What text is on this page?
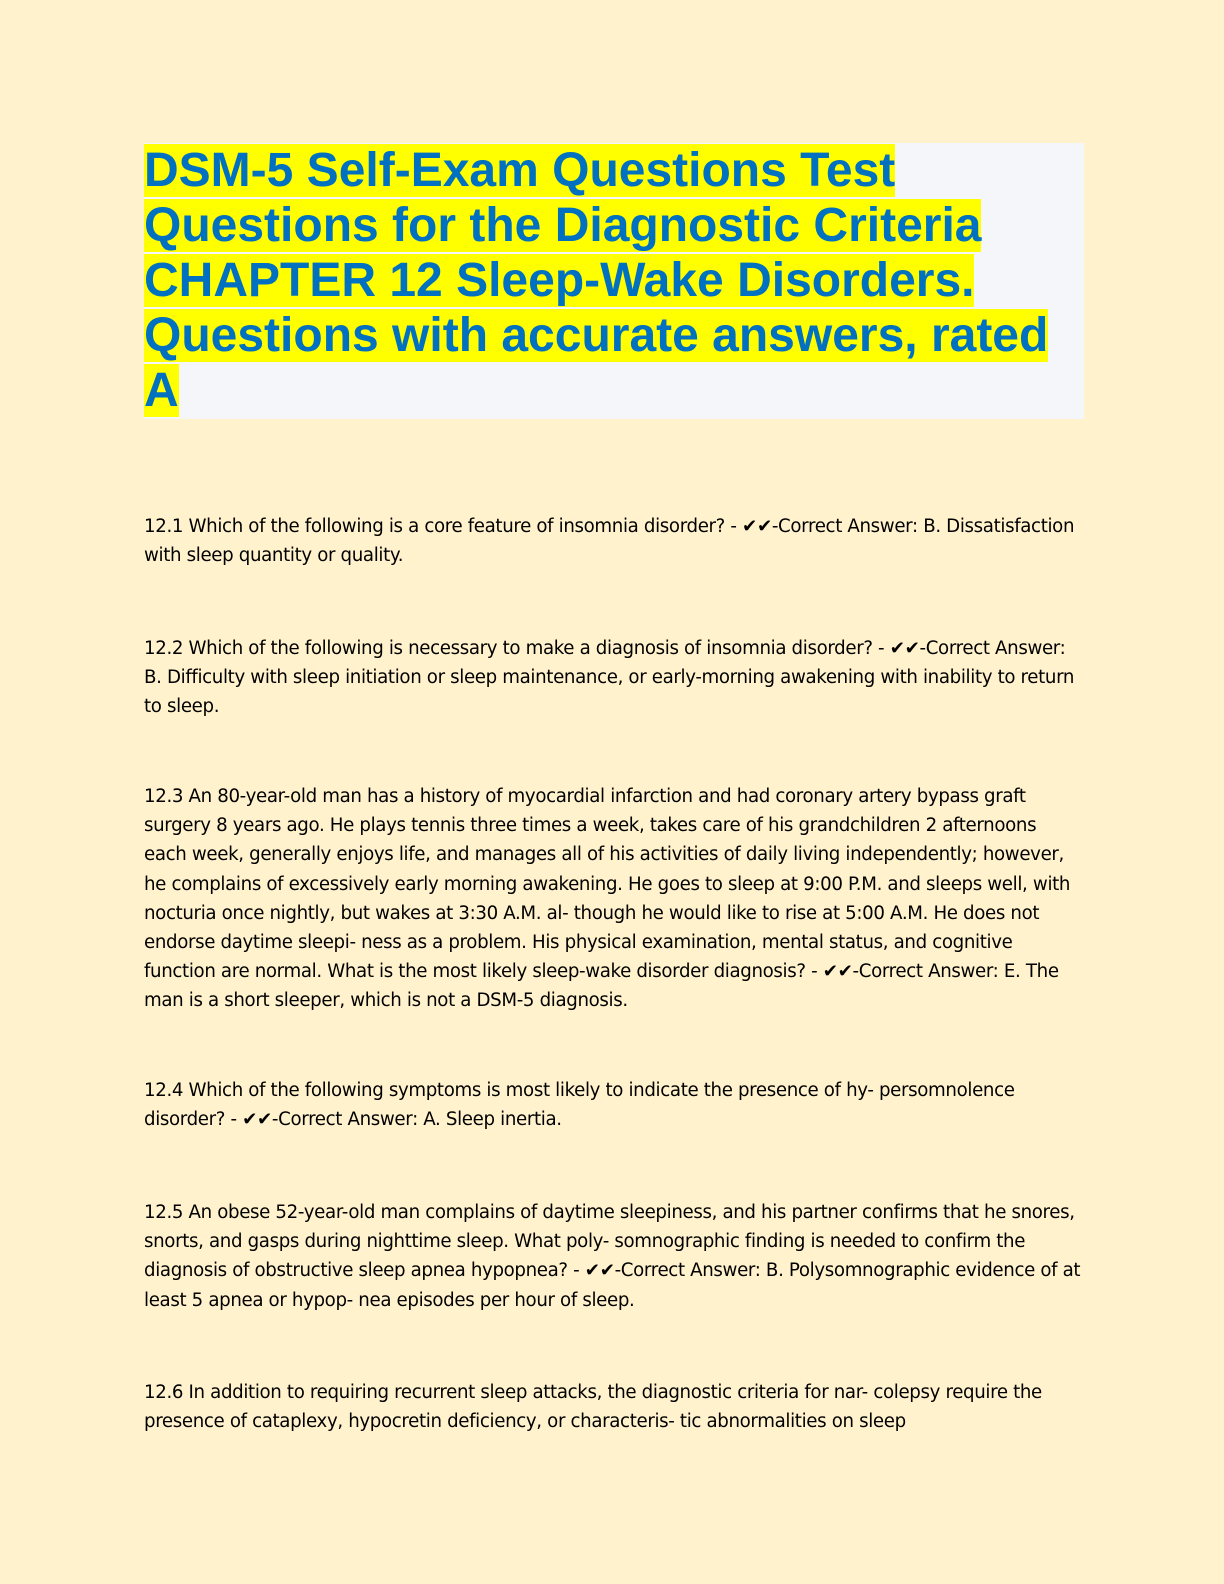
DSM-5 Self-Exam Questions Test Questions for the Diagnostic Criteria CHAPTER 12 Sleep-Wake Disorders. Questions with accurate answers, rated A

12.1 Which of the following is a core feature of insomnia disorder? - ✔✔-Correct Answer: B. Dissatisfaction with sleep quantity or quality.

12.2 Which of the following is necessary to make a diagnosis of insomnia disorder? - ✔✔-Correct Answer: B. Difficulty with sleep initiation or sleep maintenance, or early-morning awakening with inability to return to sleep.

12.3 An 80-year-old man has a history of myocardial infarction and had coronary artery bypass graft surgery 8 years ago. He plays tennis three times a week, takes care of his grandchildren 2 afternoons each week, generally enjoys life, and manages all of his activities of daily living independently; however, he complains of excessively early morning awakening. He goes to sleep at 9:00 P.M. and sleeps well, with nocturia once nightly, but wakes at 3:30 A.M. al- though he would like to rise at 5:00 A.M. He does not endorse daytime sleepi- ness as a problem. His physical examination, mental status, and cognitive function are normal. What is the most likely sleep-wake disorder diagnosis? - ✔✔-Correct Answer: E. The man is a short sleeper, which is not a DSM-5 diagnosis.

12.4 Which of the following symptoms is most likely to indicate the presence of hy- persomnolence disorder? - ✔✔-Correct Answer: A. Sleep inertia.

12.5 An obese 52-year-old man complains of daytime sleepiness, and his partner confirms that he snores, snorts, and gasps during nighttime sleep. What poly- somnographic finding is needed to confirm the diagnosis of obstructive sleep apnea hypopnea? - ✔✔-Correct Answer: B. Polysomnographic evidence of at least 5 apnea or hypop- nea episodes per hour of sleep.

12.6 In addition to requiring recurrent sleep attacks, the diagnostic criteria for nar- colepsy require the presence of cataplexy, hypocretin deficiency, or characteris- tic abnormalities on sleep
